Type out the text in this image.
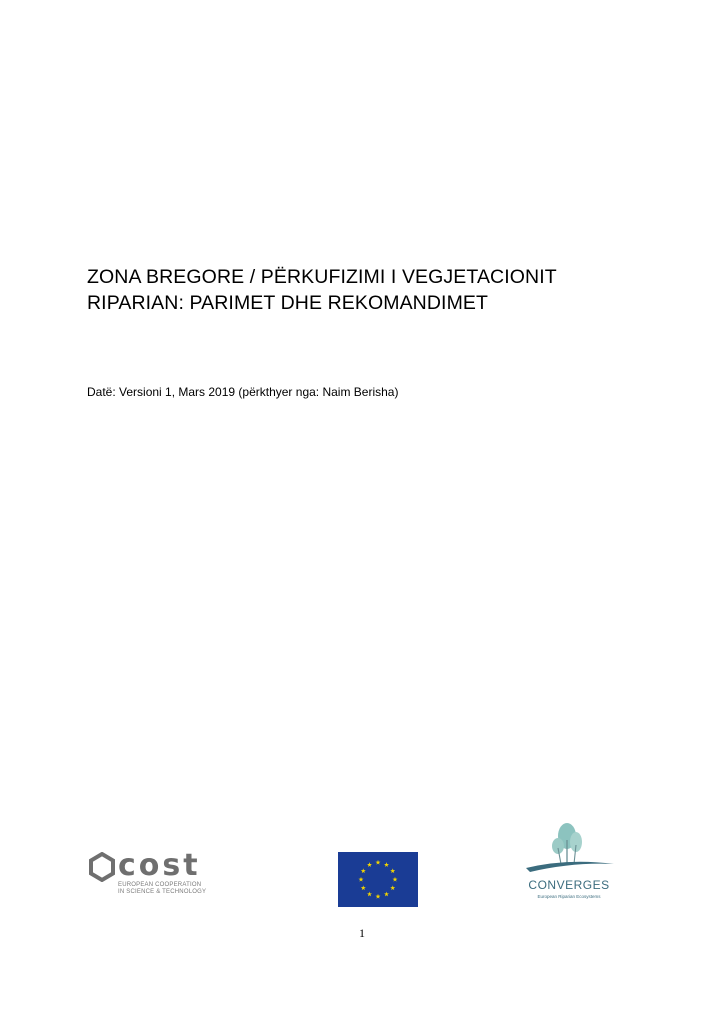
ZONA BREGORE / PËRKUFIZIMI I VEGJETACIONIT
RIPARIAN: PARIMET DHE REKOMANDIMET
Datë: Versioni 1, Mars 2019 (përkthyer nga: Naim Berisha)
cost
EUROPEAN COOPERATION
IN SCIENCE & TECHNOLOGY	CONVERGES
European Riparian Ecosystems
1
